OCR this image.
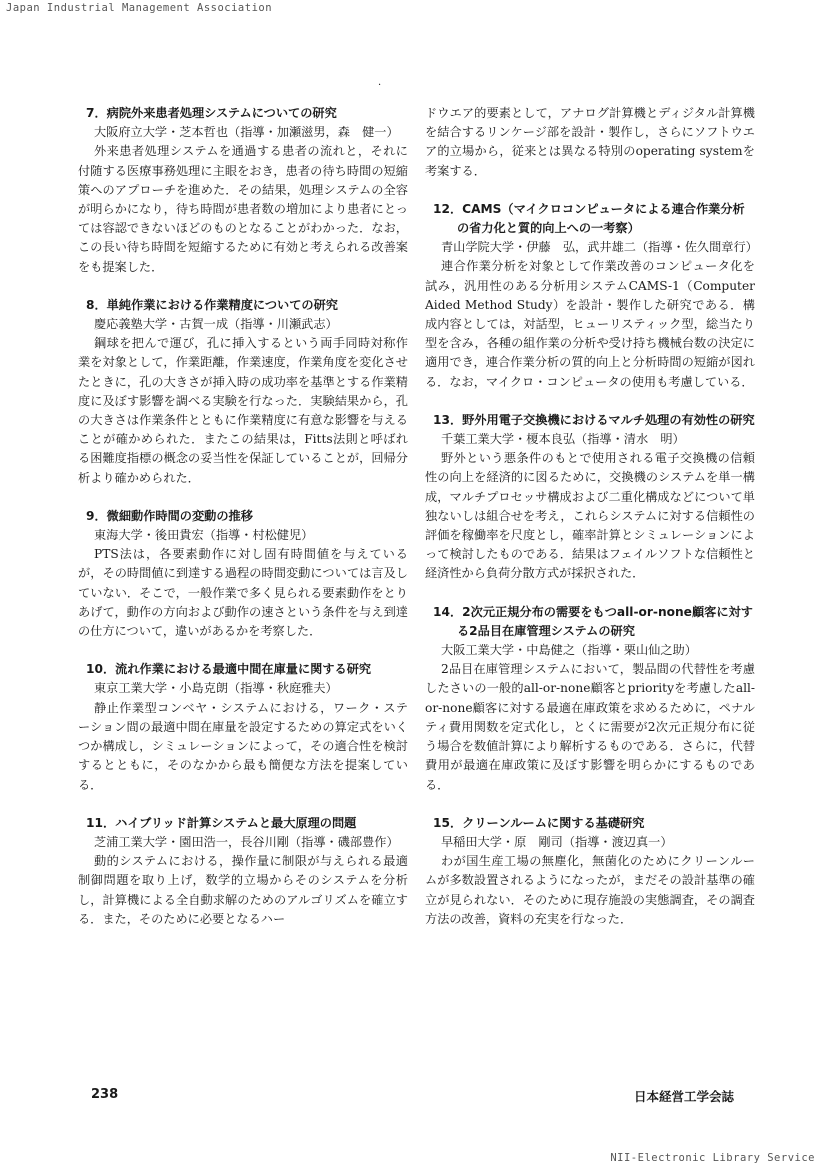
Japan Industrial Management Association
·

7．病院外来患者処理システムについての研究

大阪府立大学・芝本哲也（指導・加瀬滋男，森　健一）

外来患者処理システムを通過する患者の流れと，それに付随する医療事務処理に主眼をおき，患者の待ち時間の短縮策へのアプローチを進めた．その結果，処理システムの全容が明らかになり，待ち時間が患者数の増加により患者にとっては容認できないほどのものとなることがわかった．なお，この長い待ち時間を短縮するために有効と考えられる改善案をも提案した．

8．単純作業における作業精度についての研究

慶応義塾大学・古賀一成（指導・川瀬武志）

鋼球を把んで運び，孔に挿入するという両手同時対称作業を対象として，作業距離，作業速度，作業角度を変化させたときに，孔の大きさが挿入時の成功率を基準とする作業精度に及ぼす影響を調べる実験を行なった．実験結果から，孔の大きさは作業条件とともに作業精度に有意な影響を与えることが確かめられた．またこの結果は，Fitts法則と呼ばれる困難度指標の概念の妥当性を保証していることが，回帰分析より確かめられた．

9．微細動作時間の変動の推移

東海大学・後田貴宏（指導・村松健児）

PTS法は，各要素動作に対し固有時間値を与えているが，その時間値に到達する過程の時間変動については言及していない．そこで，一般作業で多く見られる要素動作をとりあげて，動作の方向および動作の速さという条件を与え到達の仕方について，違いがあるかを考察した．

10．流れ作業における最適中間在庫量に関する研究

東京工業大学・小島克朗（指導・秋庭雅夫）

静止作業型コンベヤ・システムにおける，ワーク・ステーション間の最適中間在庫量を設定するための算定式をいくつか構成し，シミュレーションによって，その適合性を検討するとともに，そのなかから最も簡便な方法を提案している．

11．ハイブリッド計算システムと最大原理の問題

芝浦工業大学・園田浩一，長谷川剛（指導・磯部豊作）

動的システムにおける，操作量に制限が与えられる最適制御問題を取り上げ，数学的立場からそのシステムを分析し，計算機による全自動求解のためのアルゴリズムを確立する．また，そのために必要となるハー

ドウエア的要素として，アナログ計算機とディジタル計算機を結合するリンケージ部を設計・製作し，さらにソフトウエア的立場から，従来とは異なる特別のoperating systemを考案する．

12．CAMS（マイクロコンピュータによる連合作業分析の省力化と質的向上への一考察）

青山学院大学・伊藤　弘，武井雄二（指導・佐久間章行）

連合作業分析を対象として作業改善のコンピュータ化を試み，汎用性のある分析用システムCAMS-1（Computer Aided Method Study）を設計・製作した研究である．構成内容としては，対話型，ヒューリスティック型，総当たり型を含み，各種の組作業の分析や受け持ち機械台数の決定に適用でき，連合作業分析の質的向上と分析時間の短縮が図れる．なお，マイクロ・コンピュータの使用も考慮している．

13．野外用電子交換機におけるマルチ処理の有効性の研究

千葉工業大学・榎本良弘（指導・清水　明）

野外という悪条件のもとで使用される電子交換機の信頼性の向上を経済的に図るために，交換機のシステムを単一構成，マルチプロセッサ構成および二重化構成などについて単独ないしは組合せを考え，これらシステムに対する信頼性の評価を稼働率を尺度とし，確率計算とシミュレーションによって検討したものである．結果はフェイルソフトな信頼性と経済性から負荷分散方式が採択された．

14．2次元正規分布の需要をもつall-or-none顧客に対する2品目在庫管理システムの研究

大阪工業大学・中島健之（指導・栗山仙之助）

2品目在庫管理システムにおいて，製品間の代替性を考慮したさいの一般的all-or-none顧客とpriorityを考慮したall-or-none顧客に対する最適在庫政策を求めるために，ペナルティ費用関数を定式化し，とくに需要が2次元正規分布に従う場合を数値計算により解析するものである．さらに，代替費用が最適在庫政策に及ぼす影響を明らかにするものである．

15．クリーンルームに関する基礎研究

早稲田大学・原　剛司（指導・渡辺真一）

わが国生産工場の無塵化，無菌化のためにクリーンルームが多数設置されるようになったが，まだその設計基準の確立が見られない．そのために現存施設の実態調査，その調査方法の改善，資料の充実を行なった．

238	日本経営工学会誌
NII-Electronic Library Service
